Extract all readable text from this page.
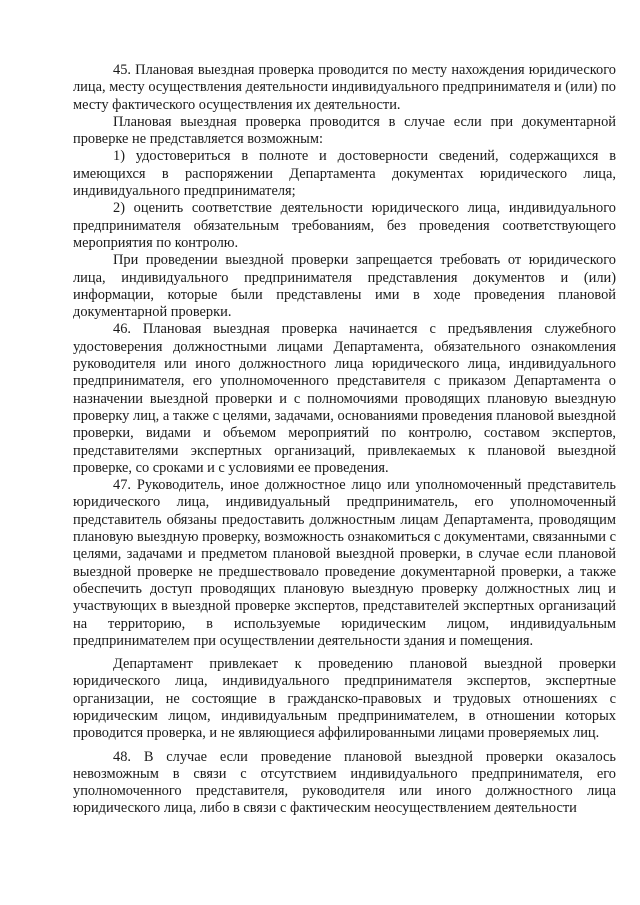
45. Плановая выездная проверка проводится по месту нахождения юридического лица, месту осуществления деятельности индивидуального предпринимателя и (или) по месту фактического осуществления их деятельности.

Плановая выездная проверка проводится в случае если при документарной проверке не представляется возможным:

1) удостовериться в полноте и достоверности сведений, содержащихся в имеющихся в распоряжении Департамента документах юридического лица, индивидуального предпринимателя;

2) оценить соответствие деятельности юридического лица, индивидуального предпринимателя обязательным требованиям, без проведения соответствующего мероприятия по контролю.

При проведении выездной проверки запрещается требовать от юридического лица, индивидуального предпринимателя представления документов и (или) информации, которые были представлены ими в ходе проведения плановой документарной проверки.

46. Плановая выездная проверка начинается с предъявления служебного удостоверения должностными лицами Департамента, обязательного ознакомления руководителя или иного должностного лица юридического лица, индивидуального предпринимателя, его уполномоченного представителя с приказом Департамента о назначении выездной проверки и с полномочиями проводящих плановую выездную проверку лиц, а также с целями, задачами, основаниями проведения плановой выездной проверки, видами и объемом мероприятий по контролю, составом экспертов, представителями экспертных организаций, привлекаемых к плановой выездной проверке, со сроками и с условиями ее проведения.

47. Руководитель, иное должностное лицо или уполномоченный представитель юридического лица, индивидуальный предприниматель, его уполномоченный представитель обязаны предоставить должностным лицам Департамента, проводящим плановую выездную проверку, возможность ознакомиться с документами, связанными с целями, задачами и предметом плановой выездной проверки, в случае если плановой выездной проверке не предшествовало проведение документарной проверки, а также обеспечить доступ проводящих плановую выездную проверку должностных лиц и участвующих в выездной проверке экспертов, представителей экспертных организаций на территорию, в используемые юридическим лицом, индивидуальным предпринимателем при осуществлении деятельности здания и помещения.

Департамент привлекает к проведению плановой выездной проверки юридического лица, индивидуального предпринимателя экспертов, экспертные организации, не состоящие в гражданско-правовых и трудовых отношениях с юридическим лицом, индивидуальным предпринимателем, в отношении которых проводится проверка, и не являющиеся аффилированными лицами проверяемых лиц.

48. В случае если проведение плановой выездной проверки оказалось невозможным в связи с отсутствием индивидуального предпринимателя, его уполномоченного представителя, руководителя или иного должностного лица юридического лица, либо в связи с фактическим неосуществлением деятельности
